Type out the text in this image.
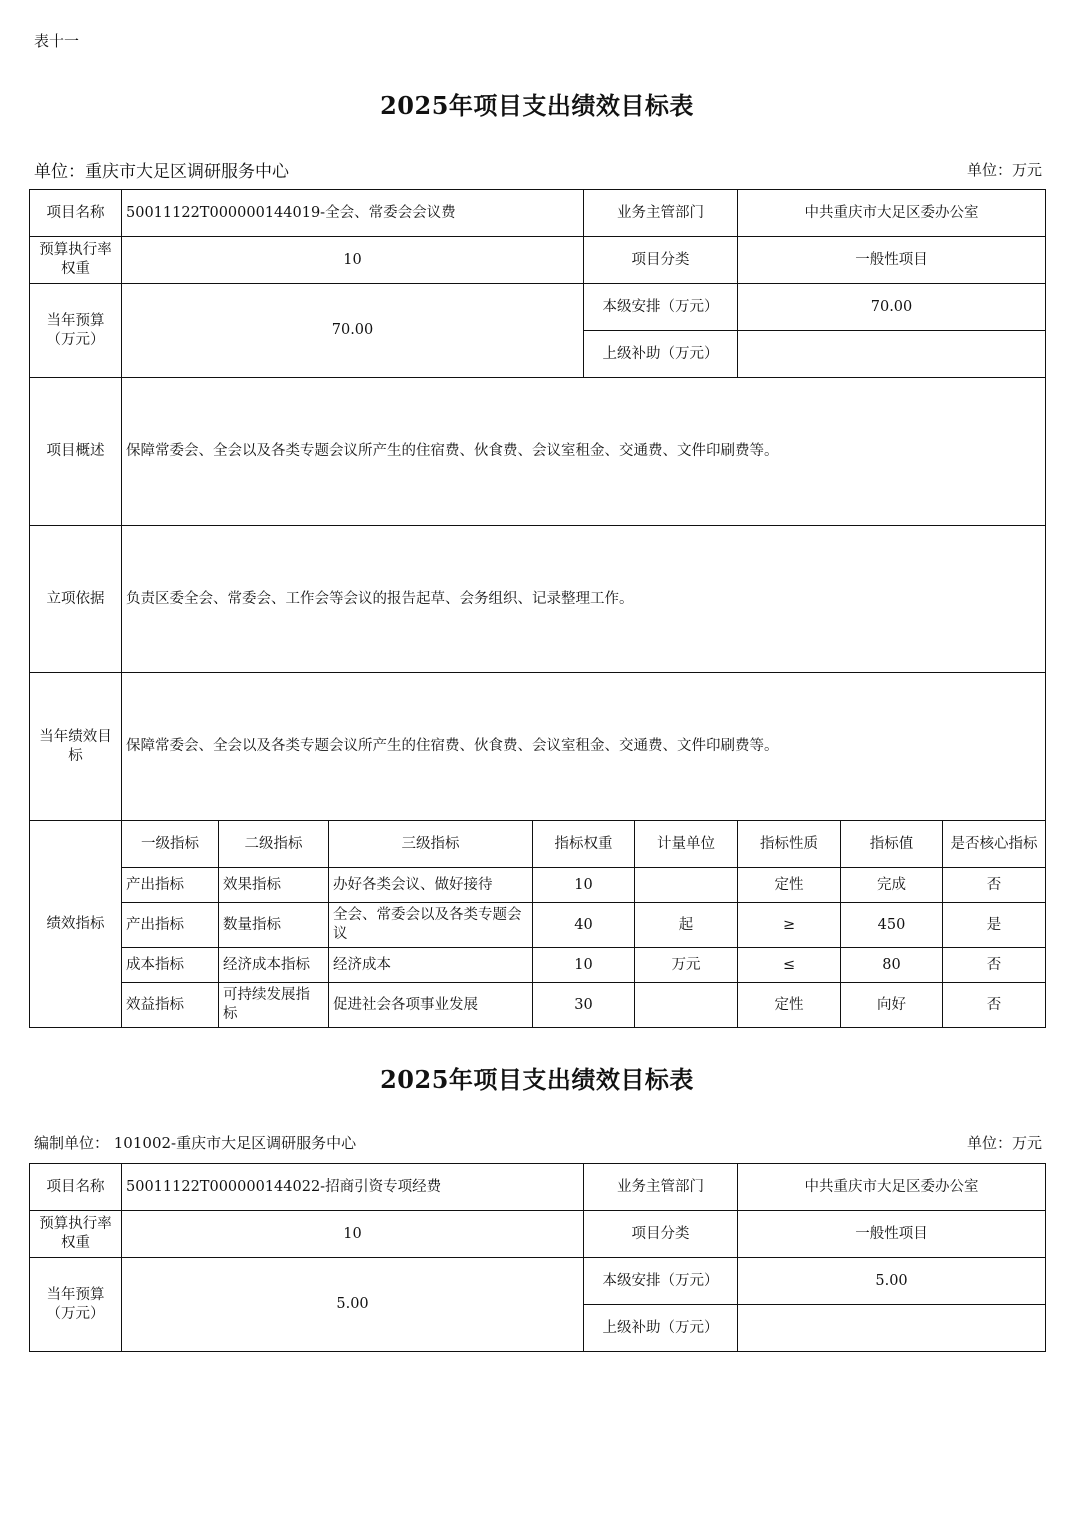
表十一
2025年项目支出绩效目标表
单位：重庆市大足区调研服务中心	单位：万元
项目名称	50011122T000000144019-全会、常委会会议费				业务主管部门		中共重庆市大足区委办公室		
预算执行率权重	10				项目分类		一般性项目		
当年预算（万元）	70.00				本级安排（万元）		70.00		
					上级补助（万元）				
项目概述	保障常委会、全会以及各类专题会议所产生的住宿费、伙食费、会议室租金、交通费、文件印刷费等。								
立项依据	负责区委全会、常委会、工作会等会议的报告起草、会务组织、记录整理工作。								
当年绩效目标	保障常委会、全会以及各类专题会议所产生的住宿费、伙食费、会议室租金、交通费、文件印刷费等。								
绩效指标	一级指标	二级指标	三级指标	指标权重		计量单位	指标性质	指标值	是否核心指标
	产出指标	效果指标	办好各类会议、做好接待	10			定性	完成	否
	产出指标	数量指标	全会、常委会以及各类专题会议	40		起	≥	450	是
	成本指标	经济成本指标	经济成本	10		万元	≤	80	否
	效益指标	可持续发展指标	促进社会各项事业发展	30			定性	向好	否
2025年项目支出绩效目标表
编制单位： 101002-重庆市大足区调研服务中心	单位：万元
项目名称	50011122T000000144022-招商引资专项经费	业务主管部门	中共重庆市大足区委办公室
预算执行率权重	10	项目分类	一般性项目
当年预算（万元）	5.00	本级安排（万元）	5.00
		上级补助（万元）	
